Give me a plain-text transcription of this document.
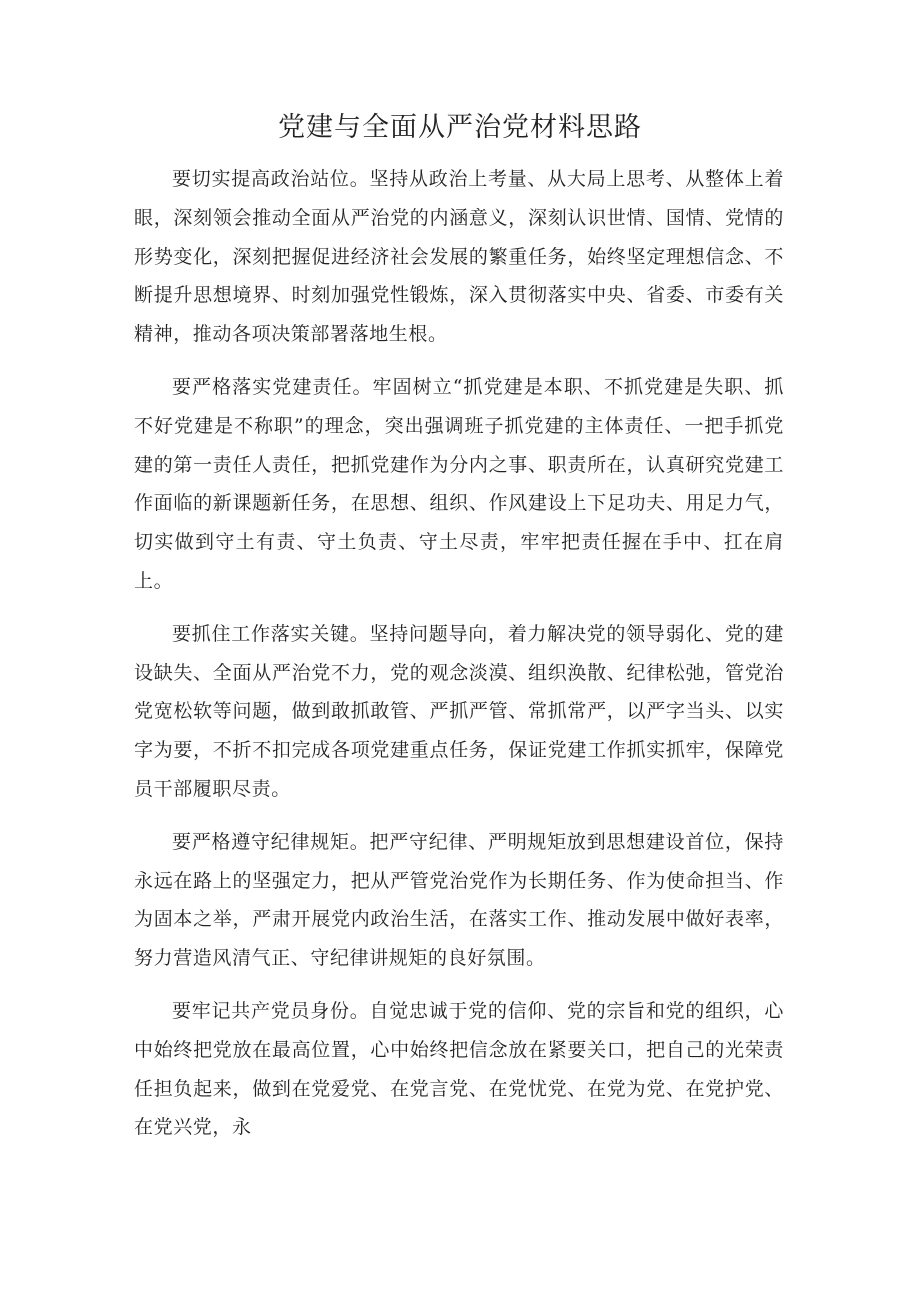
党建与全面从严治党材料思路

要切实提高政治站位。坚持从政治上考量、从大局上思考、从整体上着眼，深刻领会推动全面从严治党的内涵意义，深刻认识世情、国情、党情的形势变化，深刻把握促进经济社会发展的繁重任务，始终坚定理想信念、不断提升思想境界、时刻加强党性锻炼，深入贯彻落实中央、省委、市委有关精神，推动各项决策部署落地生根。

要严格落实党建责任。牢固树立“抓党建是本职、不抓党建是失职、抓不好党建是不称职”的理念，突出强调班子抓党建的主体责任、一把手抓党建的第一责任人责任，把抓党建作为分内之事、职责所在，认真研究党建工作面临的新课题新任务，在思想、组织、作风建设上下足功夫、用足力气，切实做到守土有责、守土负责、守土尽责，牢牢把责任握在手中、扛在肩上。

要抓住工作落实关键。坚持问题导向，着力解决党的领导弱化、党的建设缺失、全面从严治党不力，党的观念淡漠、组织涣散、纪律松弛，管党治党宽松软等问题，做到敢抓敢管、严抓严管、常抓常严，以严字当头、以实字为要，不折不扣完成各项党建重点任务，保证党建工作抓实抓牢，保障党员干部履职尽责。

要严格遵守纪律规矩。把严守纪律、严明规矩放到思想建设首位，保持永远在路上的坚强定力，把从严管党治党作为长期任务、作为使命担当、作为固本之举，严肃开展党内政治生活，在落实工作、推动发展中做好表率，努力营造风清气正、守纪律讲规矩的良好氛围。

要牢记共产党员身份。自觉忠诚于党的信仰、党的宗旨和党的组织，心中始终把党放在最高位置，心中始终把信念放在紧要关口，把自己的光荣责任担负起来，做到在党爱党、在党言党、在党忧党、在党为党、在党护党、在党兴党，永
